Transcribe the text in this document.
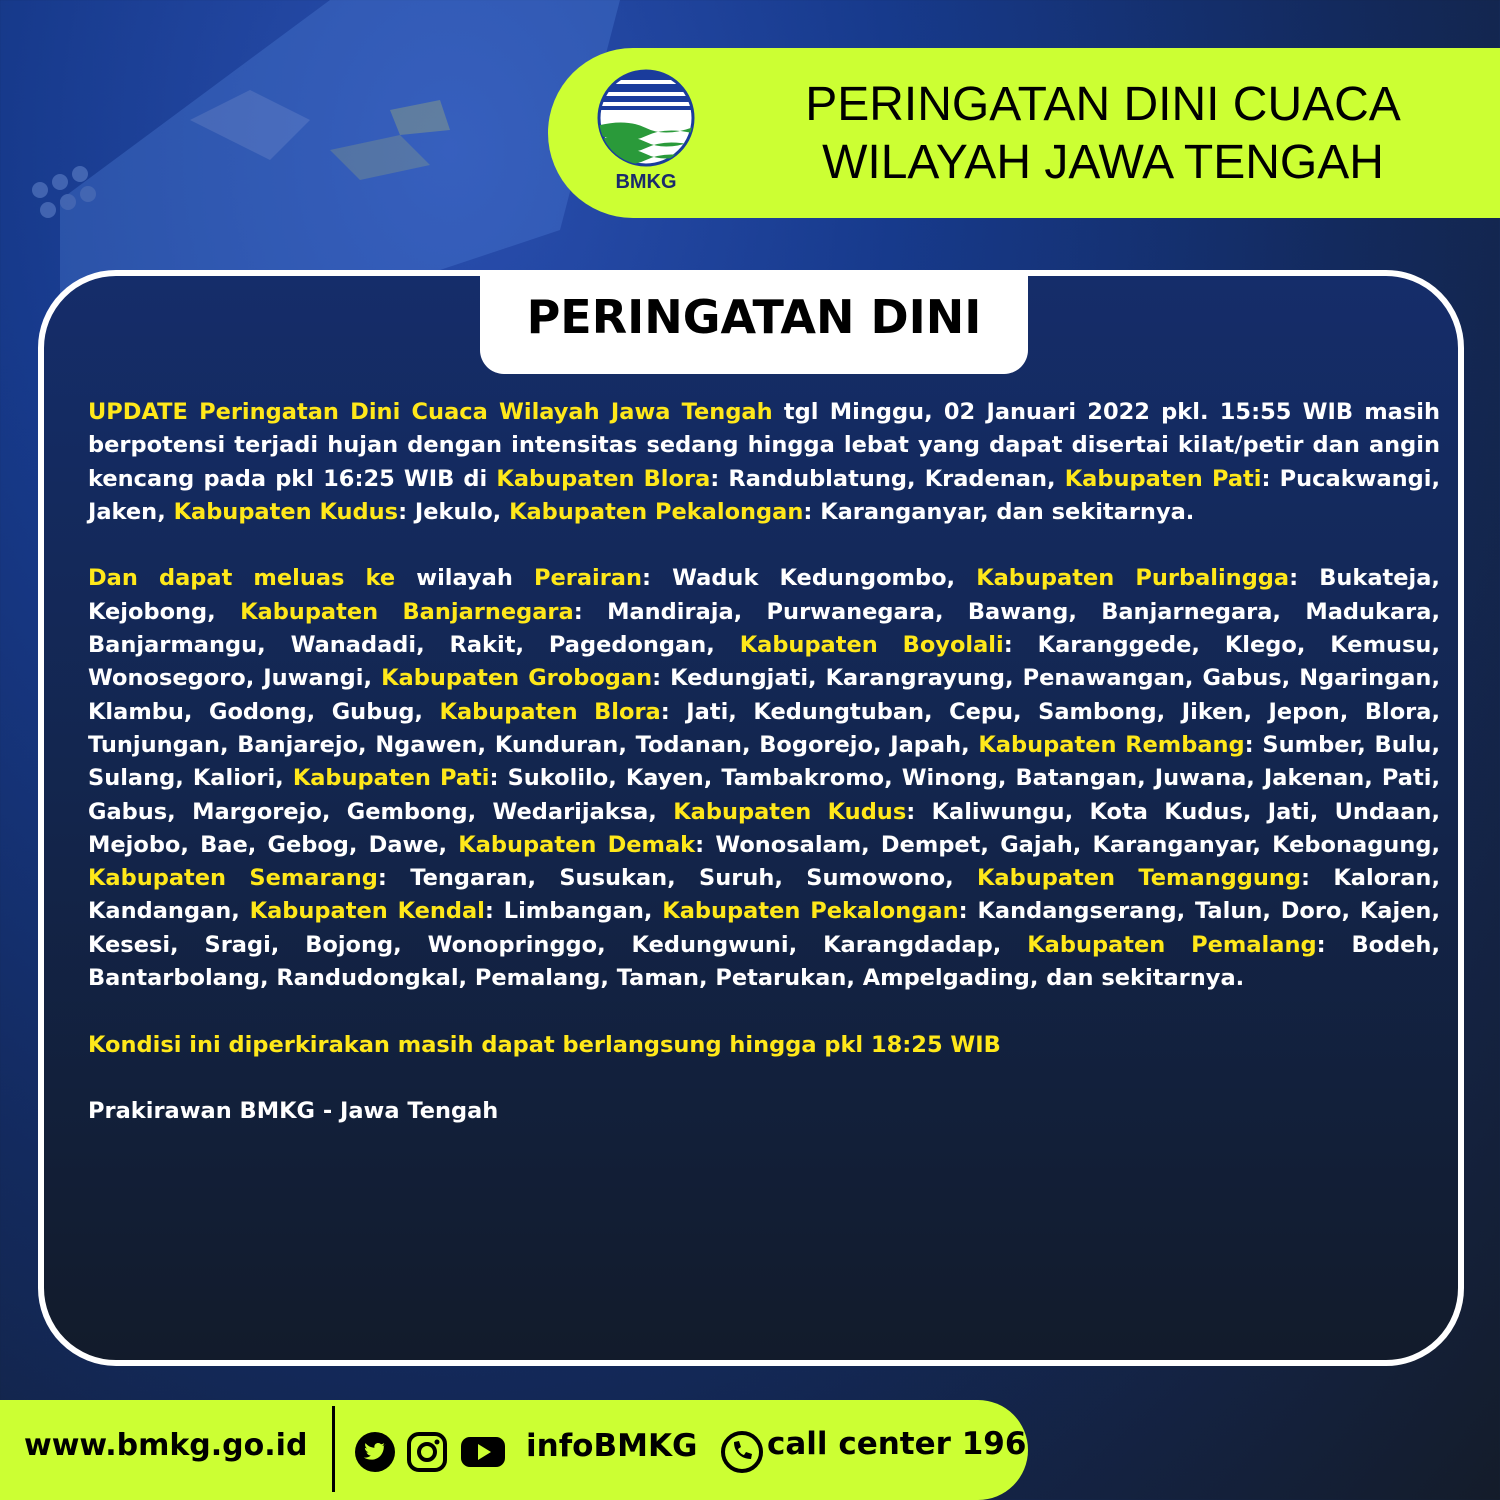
BMKG
PERINGATAN DINI CUACA
WILAYAH JAWA TENGAH
PERINGATAN DINI

UPDATE Peringatan Dini Cuaca Wilayah Jawa Tengah tgl Minggu, 02 Januari 2022 pkl. 15:55 WIB masih berpotensi terjadi hujan dengan intensitas sedang hingga lebat yang dapat disertai kilat/petir dan angin kencang pada pkl 16:25 WIB di Kabupaten Blora: Randublatung, Kradenan, Kabupaten Pati: Pucakwangi, Jaken, Kabupaten Kudus: Jekulo, Kabupaten Pekalongan: Karanganyar, dan sekitarnya.

Dan dapat meluas ke wilayah Perairan: Waduk Kedungombo, Kabupaten Purbalingga: Bukateja, Kejobong, Kabupaten Banjarnegara: Mandiraja, Purwanegara, Bawang, Banjarnegara, Madukara, Banjarmangu, Wanadadi, Rakit, Pagedongan, Kabupaten Boyolali: Karanggede, Klego, Kemusu, Wonosegoro, Juwangi, Kabupaten Grobogan: Kedungjati, Karangrayung, Penawangan, Gabus, Ngaringan, Klambu, Godong, Gubug, Kabupaten Blora: Jati, Kedungtuban, Cepu, Sambong, Jiken, Jepon, Blora, Tunjungan, Banjarejo, Ngawen, Kunduran, Todanan, Bogorejo, Japah, Kabupaten Rembang: Sumber, Bulu, Sulang, Kaliori, Kabupaten Pati: Sukolilo, Kayen, Tambakromo, Winong, Batangan, Juwana, Jakenan, Pati, Gabus, Margorejo, Gembong, Wedarijaksa, Kabupaten Kudus: Kaliwungu, Kota Kudus, Jati, Undaan, Mejobo, Bae, Gebog, Dawe, Kabupaten Demak: Wonosalam, Dempet, Gajah, Karanganyar, Kebonagung, Kabupaten Semarang: Tengaran, Susukan, Suruh, Sumowono, Kabupaten Temanggung: Kaloran, Kandangan, Kabupaten Kendal: Limbangan, Kabupaten Pekalongan: Kandangserang, Talun, Doro, Kajen, Kesesi, Sragi, Bojong, Wonopringgo, Kedungwuni, Karangdadap, Kabupaten Pemalang: Bodeh, Bantarbolang, Randudongkal, Pemalang, Taman, Petarukan, Ampelgading, dan sekitarnya.

Kondisi ini diperkirakan masih dapat berlangsung hingga pkl 18:25 WIB

Prakirawan BMKG - Jawa Tengah

www.bmkg.go.id	infoBMKG call center 196
